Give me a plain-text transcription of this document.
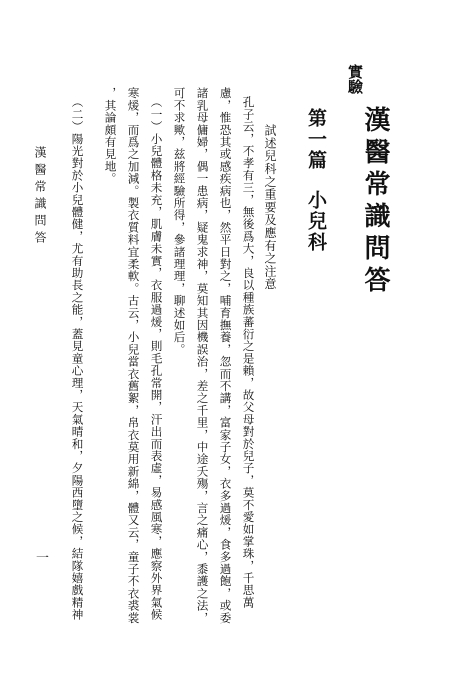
實驗
漢醫常識問答
第一篇
小兒科
試述兒科之重要及應有之注意
孔子云，不孝有三，無後爲大，良以種族蕃衍之是賴，故父母對於兒子，莫不愛如掌珠，千思萬
慮，惟恐其或感疾病也，然平日對之，哺育撫養，忽而不講，富家子女，衣多過煖，食多過飽，或委
諸乳母傭婦，偶一患病，疑鬼求神，莫知其因機誤治，差之千里，中途夭殤，言之痛心，黍護之法，
可不求歟，兹將經驗所得，參諸理理，聊述如后。
（一）小兒體格未充，肌膚未實，衣服過煖，則毛孔常開，汗出而表虛，易感風寒，應察外界氣候
寒煖，而爲之加減。製衣質料宜柔軟。古云，小兒當衣舊絮，帛衣莫用新綿，體又云，童子不衣裘裳
，其論頗有見地。
（二）陽光對於小兒體健，尤有助長之能，蓋見童心理，天氣晴和，夕陽西墮之候，結隊嬉戲精神
漢醫常識問答
一
